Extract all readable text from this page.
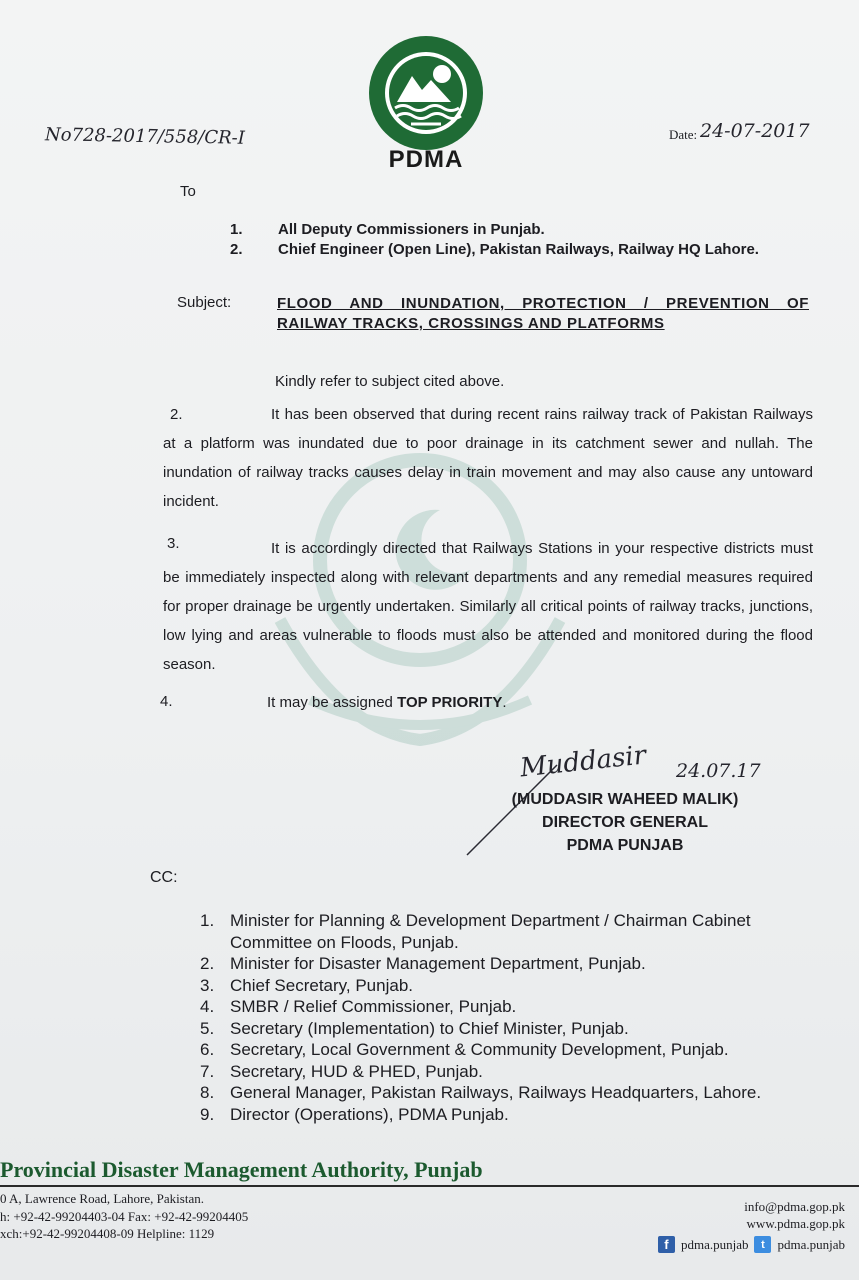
PDMA
No728-2017/558/CR-I	Date: 24-07-2017
To
1. All Deputy Commissioners in Punjab.
2. Chief Engineer (Open Line), Pakistan Railways, Railway HQ Lahore.
Subject:	FLOOD AND INUNDATION, PROTECTION / PREVENTION OF
RAILWAY TRACKS, CROSSINGS AND PLATFORMS
Kindly refer to subject cited above.
2.	It has been observed that during recent rains railway track of Pakistan Railways at a platform was inundated due to poor drainage in its catchment sewer and nullah. The inundation of railway tracks causes delay in train movement and may also cause any untoward incident.
3.	It is accordingly directed that Railways Stations in your respective districts must be immediately inspected along with relevant departments and any remedial measures required for proper drainage be urgently undertaken. Similarly all critical points of railway tracks, junctions, low lying and areas vulnerable to floods must also be attended and monitored during the flood season.
4.	It may be assigned TOP PRIORITY.
Muddasir 24.07.17
(MUDDASIR WAHEED MALIK)
DIRECTOR GENERAL
PDMA PUNJAB
CC:
1. Minister for Planning & Development Department / Chairman Cabinet Committee on Floods, Punjab.
2. Minister for Disaster Management Department, Punjab.
3. Chief Secretary, Punjab.
4. SMBR / Relief Commissioner, Punjab.
5. Secretary (Implementation) to Chief Minister, Punjab.
6. Secretary, Local Government & Community Development, Punjab.
7. Secretary, HUD & PHED, Punjab.
8. General Manager, Pakistan Railways, Railways Headquarters, Lahore.
9. Director (Operations), PDMA Punjab.
Provincial Disaster Management Authority, Punjab
0 A, Lawrence Road, Lahore, Pakistan.
h: +92-42-99204403-04 Fax: +92-42-99204405
xch:+92-42-99204408-09 Helpline: 1129
info@pdma.gop.pk
www.pdma.gop.pk
f pdma.punjab	t pdma.punjab
